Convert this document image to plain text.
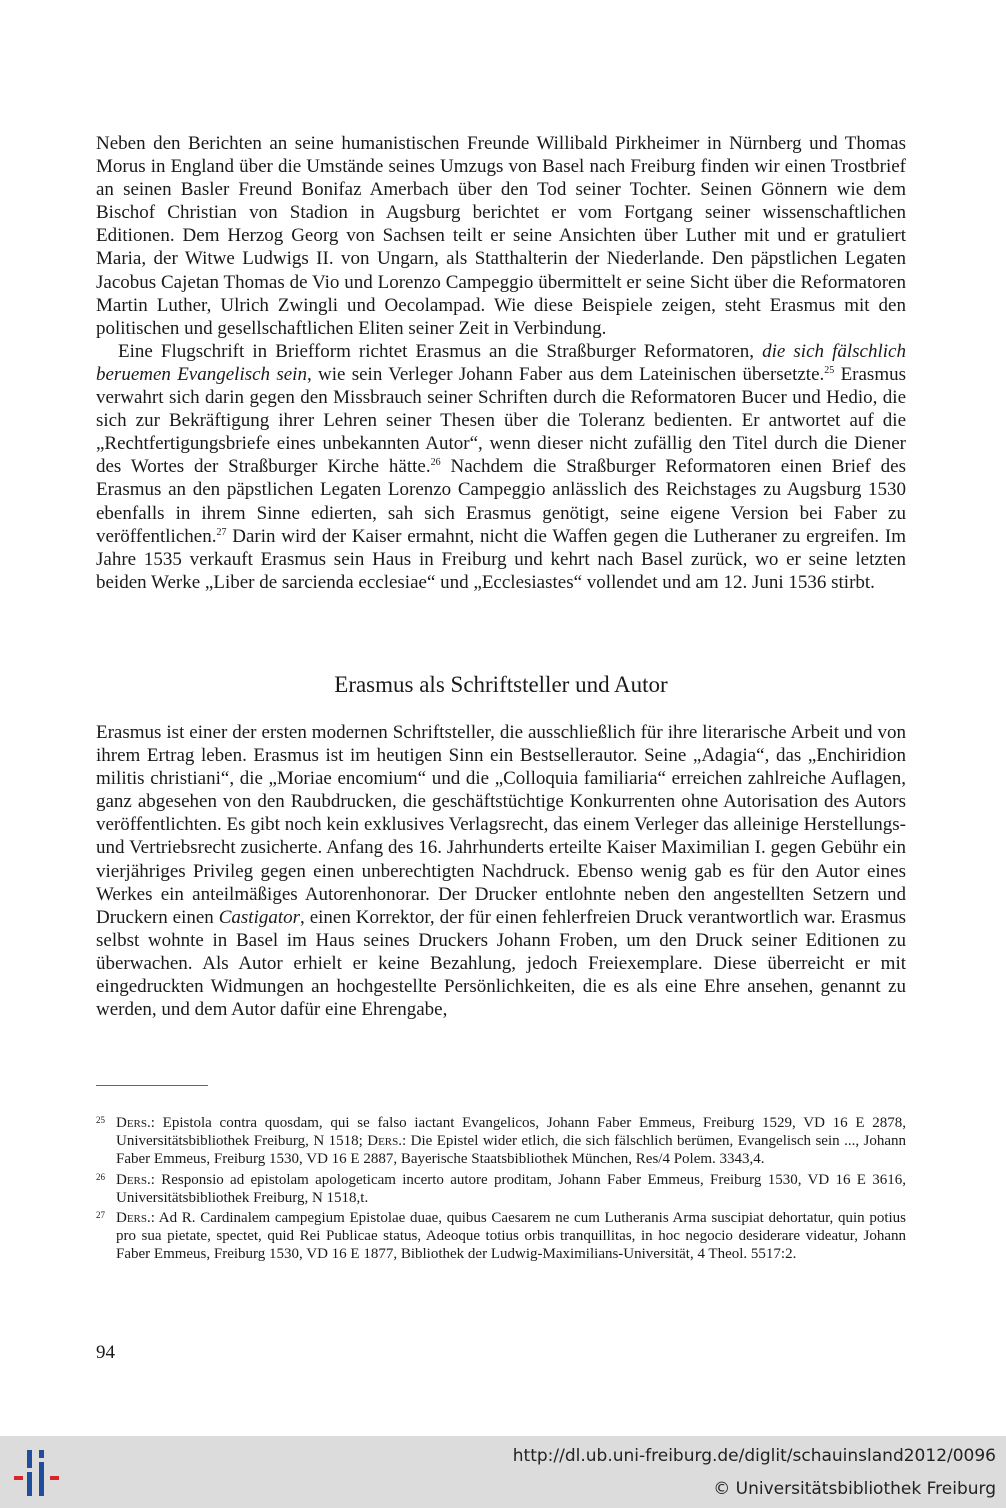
Neben den Berichten an seine humanistischen Freunde Willibald Pirkheimer in Nürnberg und Thomas Morus in England über die Umstände seines Umzugs von Basel nach Freiburg finden wir einen Trostbrief an seinen Basler Freund Bonifaz Amerbach über den Tod seiner Tochter. Seinen Gönnern wie dem Bischof Christian von Stadion in Augsburg berichtet er vom Fortgang seiner wissenschaftlichen Editionen. Dem Herzog Georg von Sachsen teilt er seine Ansichten über Luther mit und er gratuliert Maria, der Witwe Ludwigs II. von Ungarn, als Statthalterin der Niederlande. Den päpstlichen Legaten Jacobus Cajetan Thomas de Vio und Lorenzo Campeggio übermittelt er seine Sicht über die Reformatoren Martin Luther, Ulrich Zwingli und Oecolampad. Wie diese Beispiele zeigen, steht Erasmus mit den politischen und gesellschaftlichen Eliten seiner Zeit in Verbindung.

Eine Flugschrift in Briefform richtet Erasmus an die Straßburger Reformatoren, die sich fälschlich beruemen Evangelisch sein, wie sein Verleger Johann Faber aus dem Lateinischen übersetzte.$^{25}$ Erasmus verwahrt sich darin gegen den Missbrauch seiner Schriften durch die Reformatoren Bucer und Hedio, die sich zur Bekräftigung ihrer Lehren seiner Thesen über die Toleranz bedienten. Er antwortet auf die „Rechtfertigungsbriefe eines unbekannten Autor“, wenn dieser nicht zufällig den Titel durch die Diener des Wortes der Straßburger Kirche hätte.$^{26}$ Nachdem die Straßburger Reformatoren einen Brief des Erasmus an den päpstlichen Legaten Lorenzo Campeggio anlässlich des Reichstages zu Augsburg 1530 ebenfalls in ihrem Sinne edierten, sah sich Erasmus genötigt, seine eigene Version bei Faber zu veröffentlichen.$^{27}$ Darin wird der Kaiser ermahnt, nicht die Waffen gegen die Lutheraner zu ergreifen. Im Jahre 1535 verkauft Erasmus sein Haus in Freiburg und kehrt nach Basel zurück, wo er seine letzten beiden Werke „Liber de sarcienda ecclesiae“ und „Ecclesiastes“ vollendet und am 12. Juni 1536 stirbt.

Erasmus als Schriftsteller und Autor

Erasmus ist einer der ersten modernen Schriftsteller, die ausschließlich für ihre literarische Arbeit und von ihrem Ertrag leben. Erasmus ist im heutigen Sinn ein Bestsellerautor. Seine „Adagia“, das „Enchiridion militis christiani“, die „Moriae encomium“ und die „Colloquia familiaria“ erreichen zahlreiche Auflagen, ganz abgesehen von den Raubdrucken, die geschäftstüchtige Konkurrenten ohne Autorisation des Autors veröffentlichten. Es gibt noch kein exklusives Verlagsrecht, das einem Verleger das alleinige Herstellungs- und Vertriebsrecht zusicherte. Anfang des 16. Jahrhunderts erteilte Kaiser Maximilian I. gegen Gebühr ein vierjähriges Privileg gegen einen unberechtigten Nachdruck. Ebenso wenig gab es für den Autor eines Werkes ein anteilmäßiges Autorenhonorar. Der Drucker entlohnte neben den angestellten Setzern und Druckern einen Castigator, einen Korrektor, der für einen fehlerfreien Druck verantwortlich war. Erasmus selbst wohnte in Basel im Haus seines Druckers Johann Froben, um den Druck seiner Editionen zu überwachen. Als Autor erhielt er keine Bezahlung, jedoch Freiexemplare. Diese überreicht er mit eingedruckten Widmungen an hochgestellte Persönlichkeiten, die es als eine Ehre ansehen, genannt zu werden, und dem Autor dafür eine Ehrengabe,

25 Ders.: Epistola contra quosdam, qui se falso iactant Evangelicos, Johann Faber Emmeus, Freiburg 1529, VD 16 E 2878, Universitätsbibliothek Freiburg, N 1518; Ders.: Die Epistel wider etlich, die sich fälschlich berümen, Evangelisch sein ..., Johann Faber Emmeus, Freiburg 1530, VD 16 E 2887, Bayerische Staatsbibliothek München, Res/4 Polem. 3343,4.

26 Ders.: Responsio ad epistolam apologeticam incerto autore proditam, Johann Faber Emmeus, Freiburg 1530, VD 16 E 3616, Universitätsbibliothek Freiburg, N 1518,t.

27 Ders.: Ad R. Cardinalem campegium Epistolae duae, quibus Caesarem ne cum Lutheranis Arma suscipiat dehortatur, quin potius pro sua pietate, spectet, quid Rei Publicae status, Adeoque totius orbis tranquillitas, in hoc negocio desiderare videatur, Johann Faber Emmeus, Freiburg 1530, VD 16 E 1877, Bibliothek der Ludwig-Maximilians-Universität, 4 Theol. 5517:2.

94
http://dl.ub.uni-freiburg.de/diglit/schauinsland2012/0096
© Universitätsbibliothek Freiburg
